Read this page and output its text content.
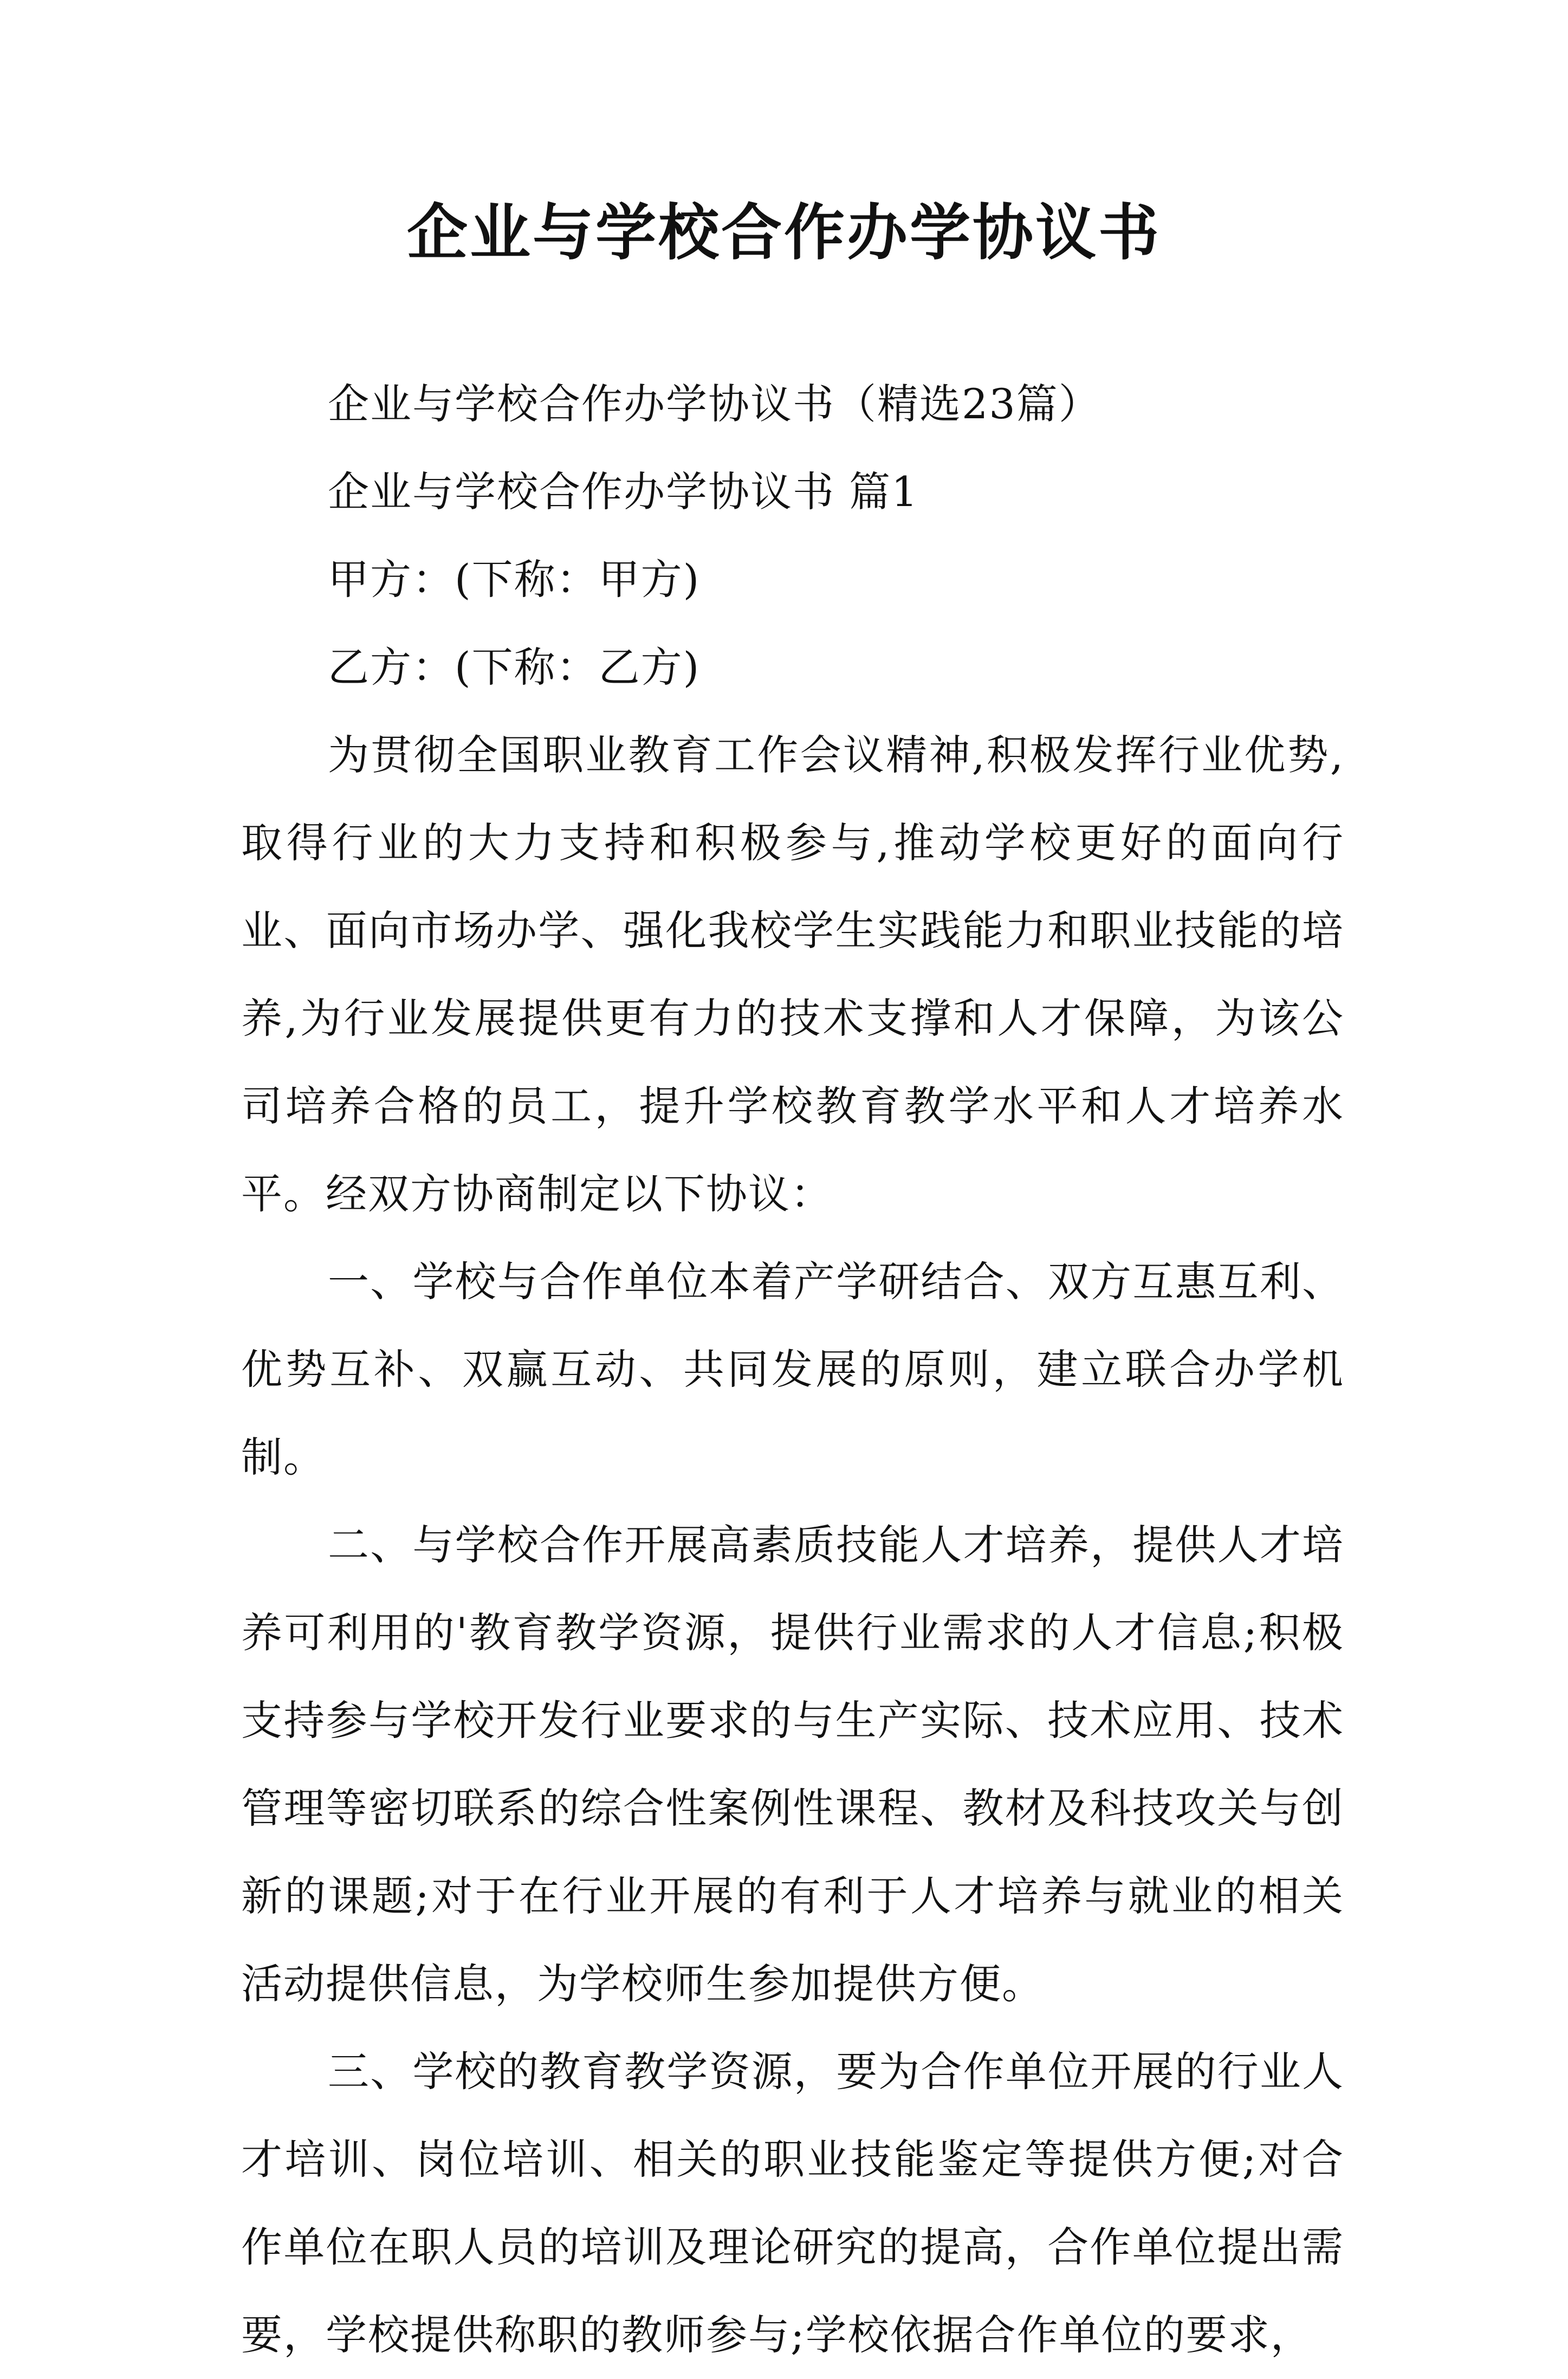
企业与学校合作办学协议书

企业与学校合作办学协议书（精选23篇）

企业与学校合作办学协议书 篇1

甲方：(下称：甲方)

乙方：(下称：乙方)

为贯彻全国职业教育工作会议精神,积极发挥行业优势,取得行业的大力支持和积极参与,推动学校更好的面向行业、面向市场办学、强化我校学生实践能力和职业技能的培养,为行业发展提供更有力的技术支撑和人才保障，为该公司培养合格的员工，提升学校教育教学水平和人才培养水平。经双方协商制定以下协议：

一、学校与合作单位本着产学研结合、双方互惠互利、优势互补、双赢互动、共同发展的原则，建立联合办学机制。

二、与学校合作开展高素质技能人才培养，提供人才培养可利用的'教育教学资源，提供行业需求的人才信息;积极支持参与学校开发行业要求的与生产实际、技术应用、技术管理等密切联系的综合性案例性课程、教材及科技攻关与创新的课题;对于在行业开展的有利于人才培养与就业的相关活动提供信息，为学校师生参加提供方便。

三、学校的教育教学资源，要为合作单位开展的行业人才培训、岗位培训、相关的职业技能鉴定等提供方便;对合作单位在职人员的培训及理论研究的提高，合作单位提出需要，学校提供称职的教师参与;学校依据合作单位的要求，
